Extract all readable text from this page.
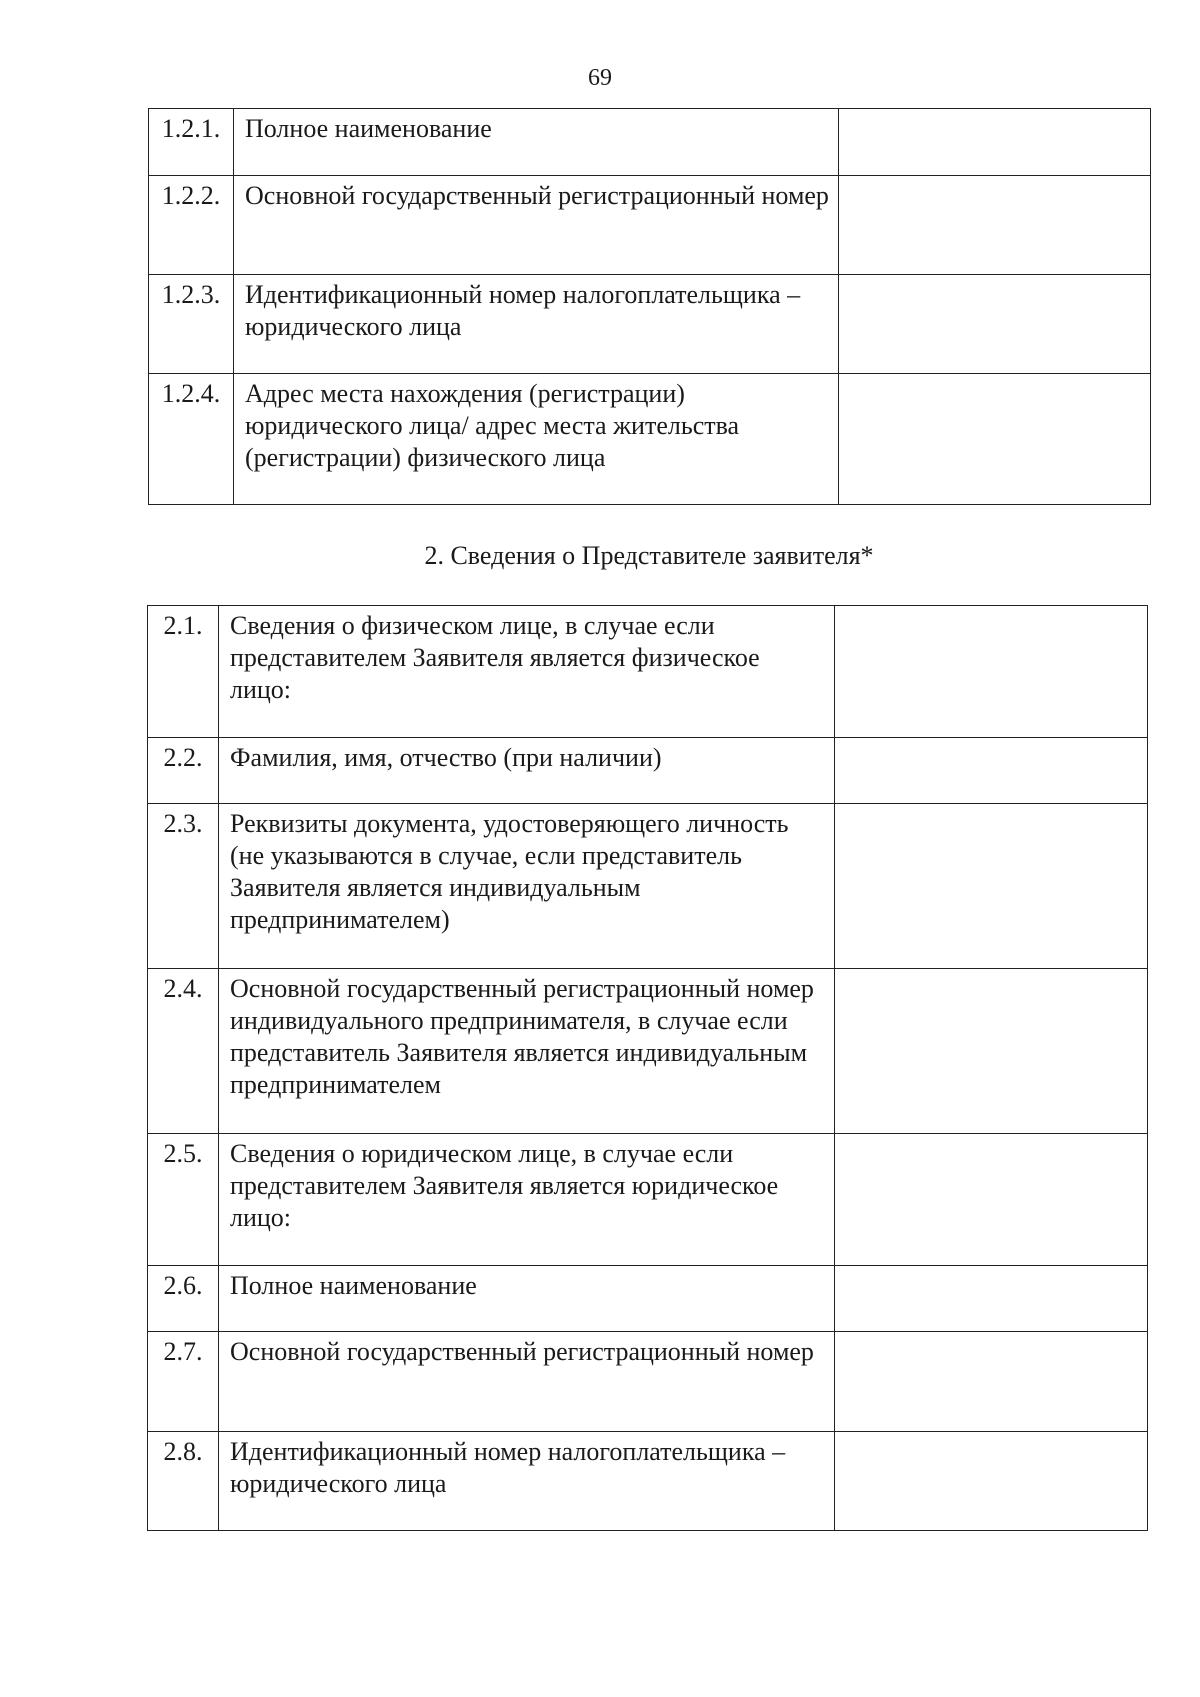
69
1.2.1.	Полное наименование	
1.2.2.	Основной государственный регистрационный номер	
1.2.3.	Идентификационный номер налогоплательщика – юридического лица	
1.2.4.	Адрес места нахождения (регистрации) юридического лица/ адрес места жительства (регистрации) физического лица	
2. Сведения о Представителе заявителя*
2.1.	Сведения о физическом лице, в случае если представителем Заявителя является физическое лицо:	
2.2.	Фамилия, имя, отчество (при наличии)	
2.3.	Реквизиты документа, удостоверяющего личность (не указываются в случае, если представитель Заявителя является индивидуальным предпринимателем)	
2.4.	Основной государственный регистрационный номер индивидуального предпринимателя, в случае если представитель Заявителя является индивидуальным предпринимателем	
2.5.	Сведения о юридическом лице, в случае если представителем Заявителя является юридическое лицо:	
2.6.	Полное наименование	
2.7.	Основной государственный регистрационный номер	
2.8.	Идентификационный номер налогоплательщика – юридического лица	
